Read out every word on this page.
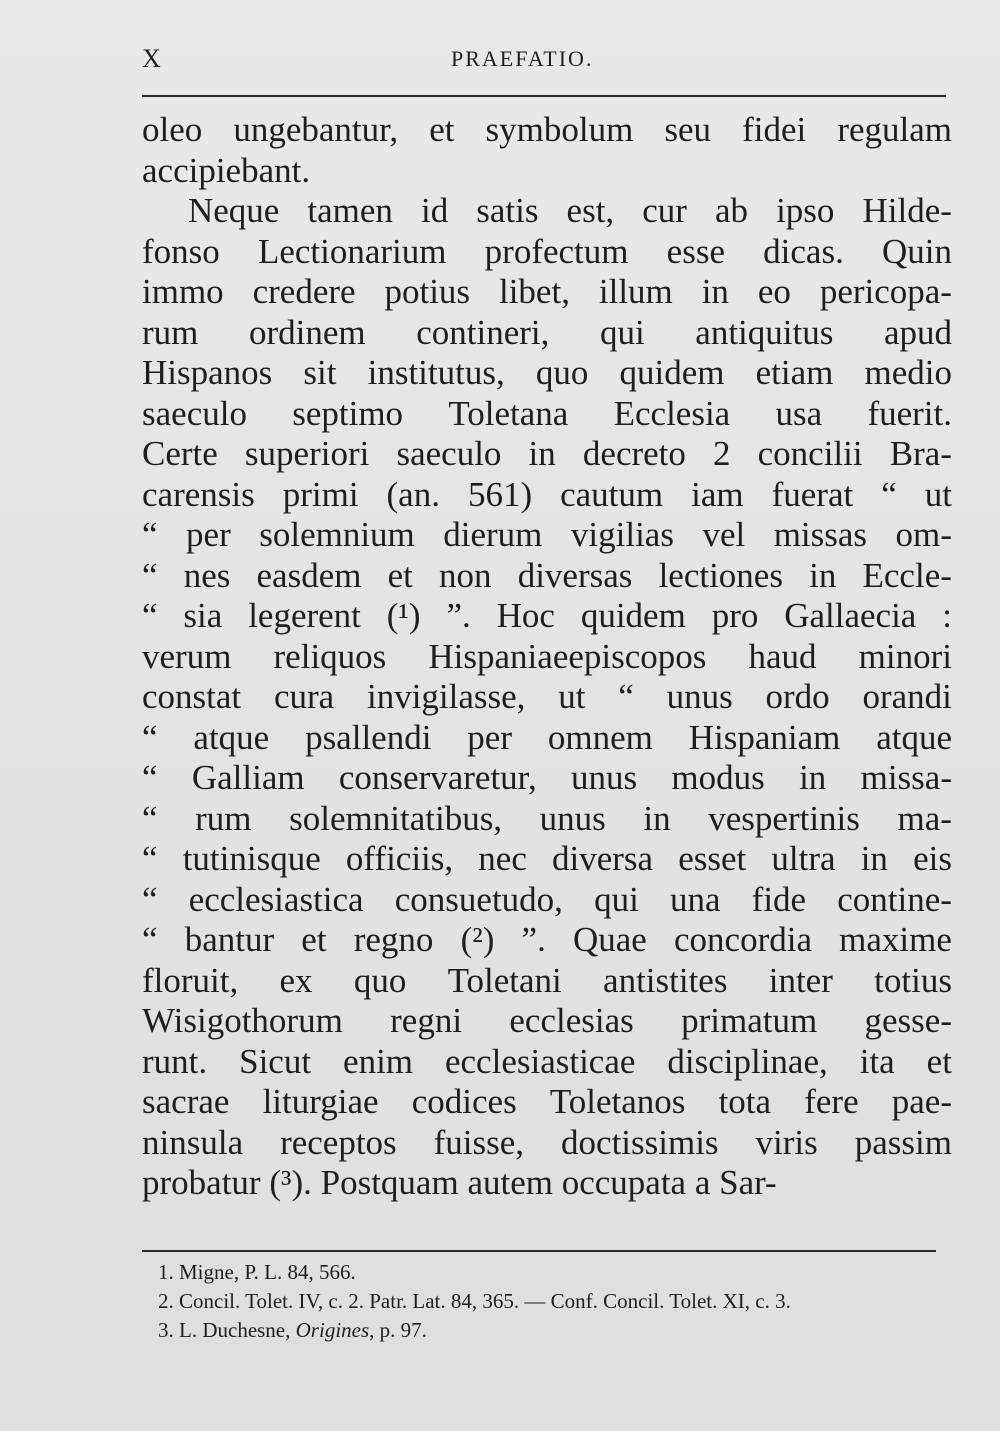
X	PRAEFATIO.
oleo ungebantur, et symbolum seu fidei regulam
accipiebant.
Neque tamen id satis est, cur ab ipso Hilde-
fonso Lectionarium profectum esse dicas. Quin
immo credere potius libet, illum in eo pericopa-
rum ordinem contineri, qui antiquitus apud
Hispanos sit institutus, quo quidem etiam medio
saeculo septimo Toletana Ecclesia usa fuerit.
Certe superiori saeculo in decreto 2 concilii Bra-
carensis primi (an. 561) cautum iam fuerat “ ut
“ per solemnium dierum vigilias vel missas om-
“ nes easdem et non diversas lectiones in Eccle-
“ sia legerent (¹) ”. Hoc quidem pro Gallaecia :
verum reliquos Hispaniaeepiscopos haud minori
constat cura invigilasse, ut “ unus ordo orandi
“ atque psallendi per omnem Hispaniam atque
“ Galliam conservaretur, unus modus in missa-
“ rum solemnitatibus, unus in vespertinis ma-
“ tutinisque officiis, nec diversa esset ultra in eis
“ ecclesiastica consuetudo, qui una fide contine-
“ bantur et regno (²) ”. Quae concordia maxime
floruit, ex quo Toletani antistites inter totius
Wisigothorum regni ecclesias primatum gesse-
runt. Sicut enim ecclesiasticae disciplinae, ita et
sacrae liturgiae codices Toletanos tota fere pae-
ninsula receptos fuisse, doctissimis viris passim
probatur (³). Postquam autem occupata a Sar-
1. Migne, P. L. 84, 566.
2. Concil. Tolet. IV, c. 2. Patr. Lat. 84, 365. — Conf. Concil. Tolet. XI, c. 3.
3. L. Duchesne, Origines, p. 97.
